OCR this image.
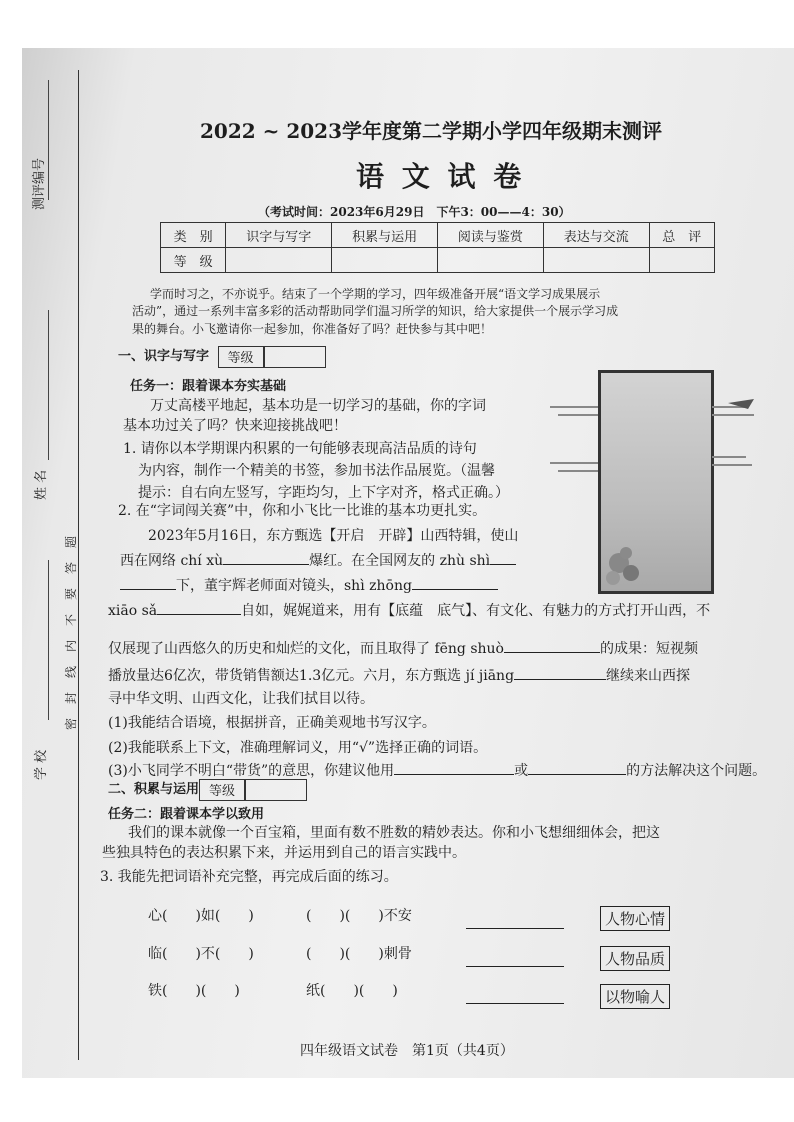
测评编号
姓 名
密　封　线　内　不　要　答　题
学 校
2022 ~ 2023学年度第二学期小学四年级期末测评
语 文 试 卷
（考试时间：2023年6月29日　下午3：00——4：30）
类　别	识字与写字	积累与运用	阅读与鉴赏	表达与交流	总　评
等　级					
学而时习之，不亦说乎。结束了一个学期的学习，四年级准备开展“语文学习成果展示
活动”，通过一系列丰富多彩的活动帮助同学们温习所学的知识，给大家提供一个展示学习成
果的舞台。小飞邀请你一起参加，你准备好了吗？赶快参与其中吧！
一、识字与写字 等级
任务一：跟着课本夯实基础
万丈高楼平地起，基本功是一切学习的基础，你的字词
基本功过关了吗？快来迎接挑战吧！
1. 请你以本学期课内积累的一句能够表现高洁品质的诗句
为内容，制作一个精美的书签，参加书法作品展览。（温馨
提示：自右向左竖写，字距均匀，上下字对齐，格式正确。）
2. 在“字词闯关赛”中，你和小飞比一比谁的基本功更扎实。
2023年5月16日，东方甄选【开启　开辟】山西特辑，使山
西在网络 chí xù	爆红。在全国网友的 zhù shì
下，董宇辉老师面对镜头，shì zhōng
xiāo sǎ	自如，娓娓道来，用有【底蕴　底气】、有文化、有魅力的方式打开山西，不
仅展现了山西悠久的历史和灿烂的文化，而且取得了 fēng shuò	的成果：短视频
播放量达6亿次，带货销售额达1.3亿元。六月，东方甄选 jí jiāng	继续来山西探
寻中华文明、山西文化，让我们拭目以待。
(1)我能结合语境，根据拼音，正确美观地书写汉字。
(2)我能联系上下文，准确理解词义，用“√”选择正确的词语。
(3)小飞同学不明白“带货”的意思，你建议他用	或	的方法解决这个问题。
二、积累与运用 等级
任务二：跟着课本学以致用
我们的课本就像一个百宝箱，里面有数不胜数的精妙表达。你和小飞想细细体会，把这
些独具特色的表达积累下来，并运用到自己的语言实践中。
3. 我能先把词语补充完整，再完成后面的练习。
心(　　)如(　　)	(　　)(　　)不安	人物心情
临(　　)不(　　)	(　　)(　　)刺骨	人物品质
铁(　　)(　　)	纸(　　)(　　)	以物喻人
四年级语文试卷　第1页（共4页）
